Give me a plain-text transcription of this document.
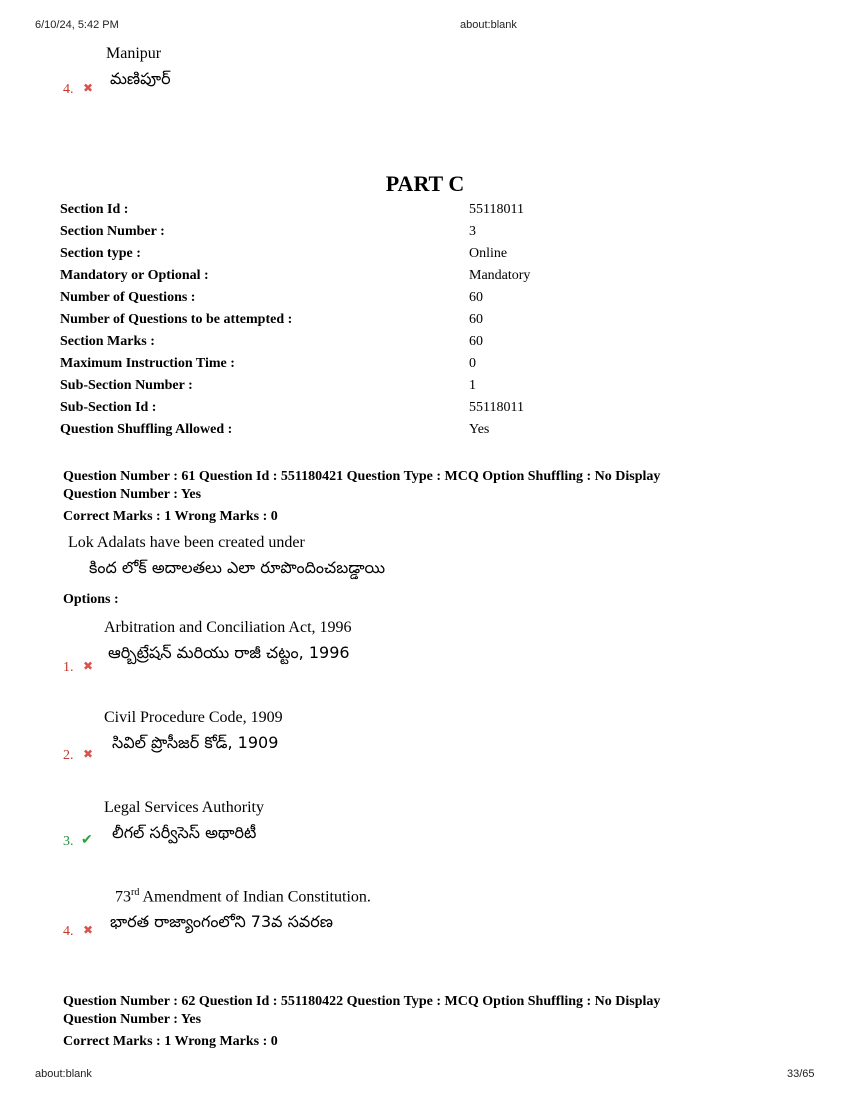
6/10/24, 5:42 PM	about:blank
Manipur
మణిపూర్
4. ✖
PART C
Section Id :	55118011
Section Number :	3
Section type :	Online
Mandatory or Optional :	Mandatory
Number of Questions :	60
Number of Questions to be attempted :	60
Section Marks :	60
Maximum Instruction Time :	0
Sub-Section Number :	1
Sub-Section Id :	55118011
Question Shuffling Allowed :	Yes
Question Number : 61 Question Id : 551180421 Question Type : MCQ Option Shuffling : No Display
Question Number : Yes
Correct Marks : 1 Wrong Marks : 0
Lok Adalats have been created under
కింద లోక్ అదాలతలు ఎలా రూపొందించబడ్డాయి
Options :
Arbitration and Conciliation Act, 1996
ఆర్బిట్రేషన్ మరియు రాజీ చట్టం, 1996
1. ✖
Civil Procedure Code, 1909
సివిల్ ప్రొసీజర్ కోడ్, 1909
2. ✖
Legal Services Authority
లీగల్ సర్వీసెస్ అథారిటీ
3. ✔
73rd Amendment of Indian Constitution.
భారత రాజ్యాంగంలోని 73వ సవరణ
4. ✖
Question Number : 62 Question Id : 551180422 Question Type : MCQ Option Shuffling : No Display
Question Number : Yes
Correct Marks : 1 Wrong Marks : 0
about:blank	33/65
